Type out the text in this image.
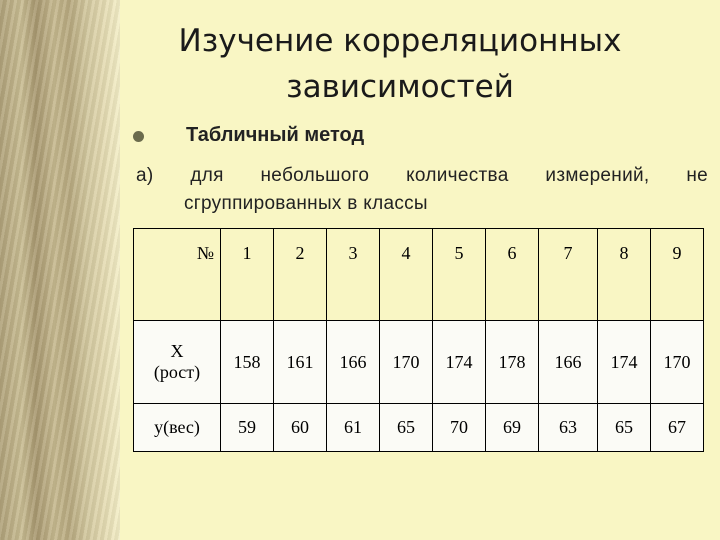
Изучение корреляционных
зависимостей
Табличный метод
а) для небольшого количества измерений, не
сгруппированных в классы
№	1	2	3	4	5	6	7	8	9

X
(рост)	158	161	166	170	174	178	166	174	170
y(вес)	59	60	61	65	70	69	63	65	67
